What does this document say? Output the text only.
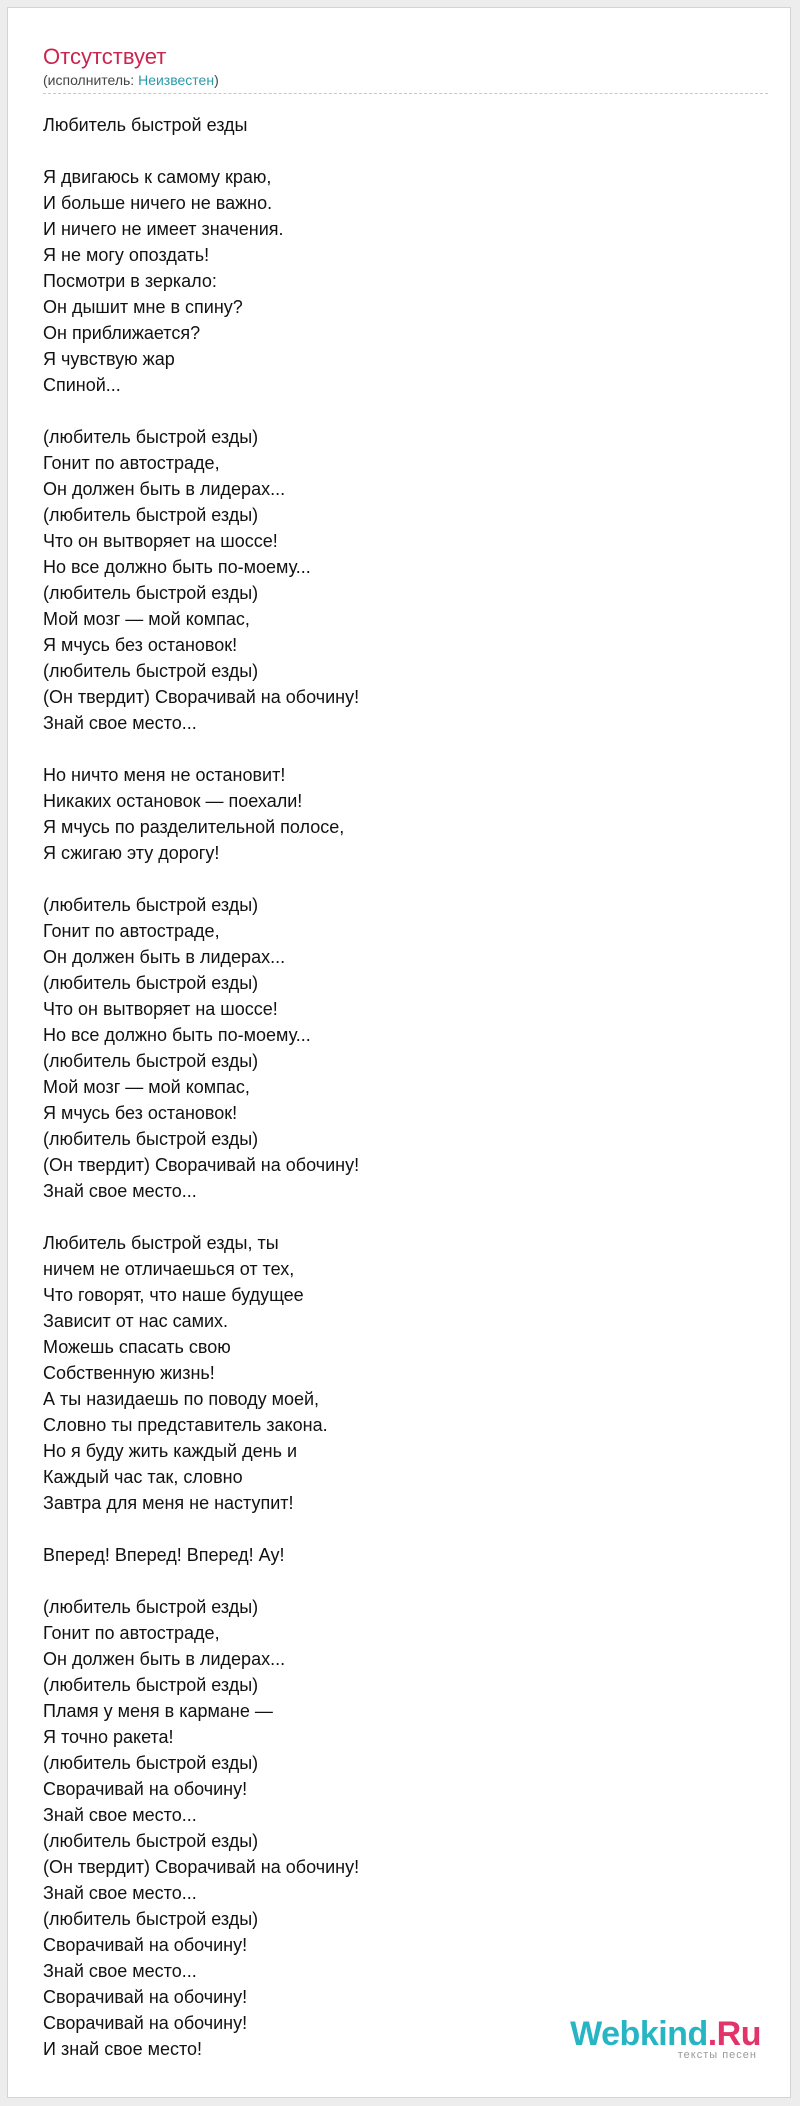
Отсутствует
(исполнитель: Неизвестен)
Любитель быстрой езды
Я двигаюсь к самому краю,
И больше ничего не важно.
И ничего не имеет значения.
Я не могу опоздать!
Посмотри в зеркало:
Он дышит мне в спину?
Он приближается?
Я чувствую жар
Спиной...
(любитель быстрой езды)
Гонит по автостраде,
Он должен быть в лидерах...
(любитель быстрой езды)
Что он вытворяет на шоссе!
Но все должно быть по-моему...
(любитель быстрой езды)
Мой мозг — мой компас,
Я мчусь без остановок!
(любитель быстрой езды)
(Он твердит) Сворачивай на обочину!
Знай свое место...
Но ничто меня не остановит!
Никаких остановок — поехали!
Я мчусь по разделительной полосе,
Я сжигаю эту дорогу!
(любитель быстрой езды)
Гонит по автостраде,
Он должен быть в лидерах...
(любитель быстрой езды)
Что он вытворяет на шоссе!
Но все должно быть по-моему...
(любитель быстрой езды)
Мой мозг — мой компас,
Я мчусь без остановок!
(любитель быстрой езды)
(Он твердит) Сворачивай на обочину!
Знай свое место...
Любитель быстрой езды, ты
ничем не отличаешься от тех,
Что говорят, что наше будущее
Зависит от нас самих.
Можешь спасать свою
Собственную жизнь!
А ты назидаешь по поводу моей,
Словно ты представитель закона.
Но я буду жить каждый день и
Каждый час так, словно
Завтра для меня не наступит!
Вперед! Вперед! Вперед! Ау!
(любитель быстрой езды)
Гонит по автостраде,
Он должен быть в лидерах...
(любитель быстрой езды)
Пламя у меня в кармане —
Я точно ракета!
(любитель быстрой езды)
Сворачивай на обочину!
Знай свое место...
(любитель быстрой езды)
(Он твердит) Сворачивай на обочину!
Знай свое место...
(любитель быстрой езды)
Сворачивай на обочину!
Знай свое место...
Сворачивай на обочину!
Сворачивай на обочину!
И знай свое место!	Webkind.Ru
тексты песен
